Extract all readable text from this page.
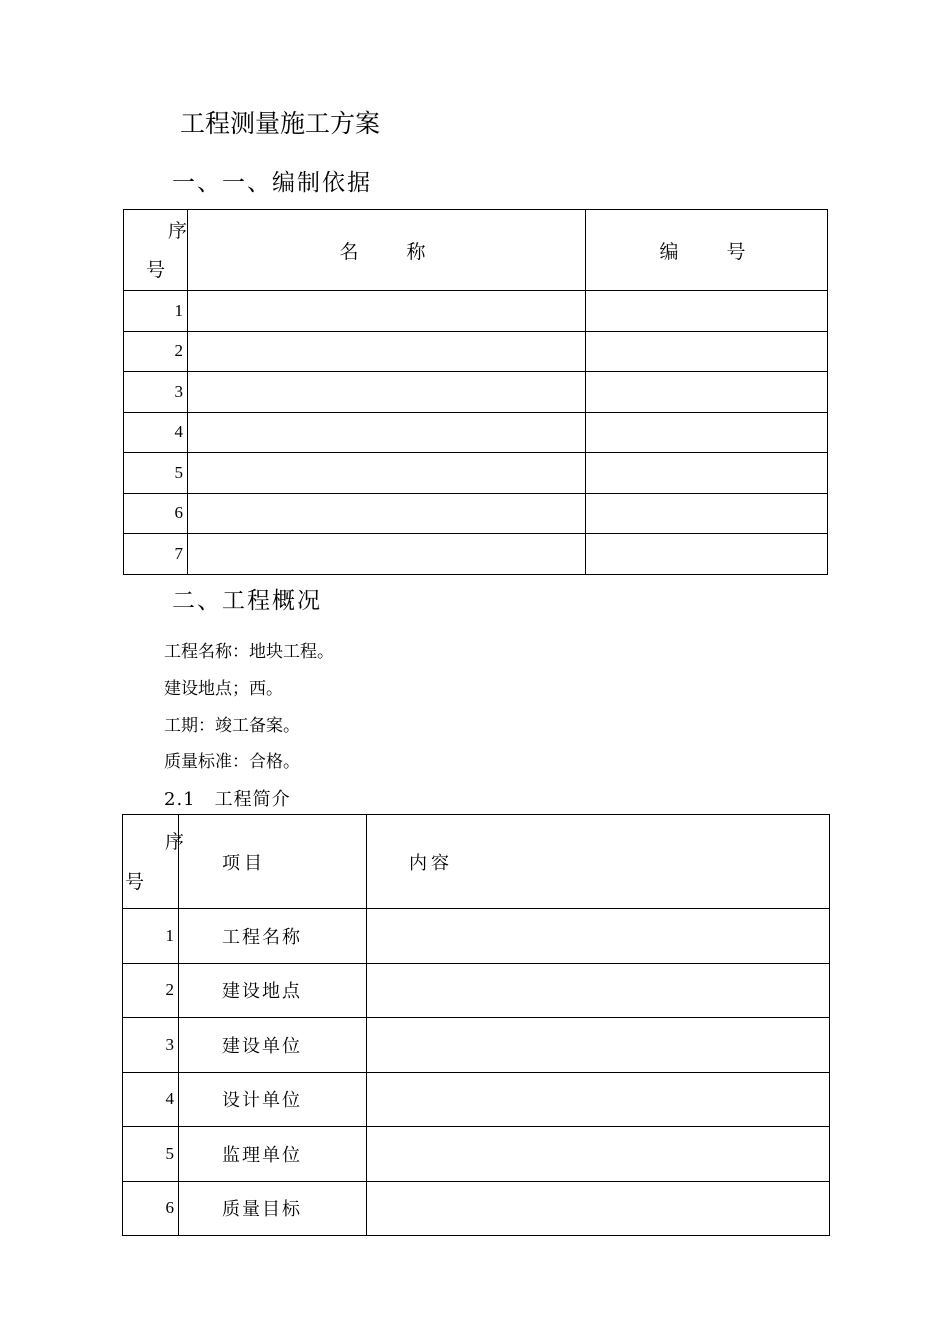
工程测量施工方案
一、一、编制依据
序
号	名称	编号
1		
2		
3		
4		
5		
6		
7		
二、工程概况
工程名称：地块工程。
建设地点；西。
工期：竣工备案。
质量标准：合格。
2.1　工程简介
序
号	项目	内容
1	工程名称	
2	建设地点	
3	建设单位	
4	设计单位	
5	监理单位	
6	质量目标	
